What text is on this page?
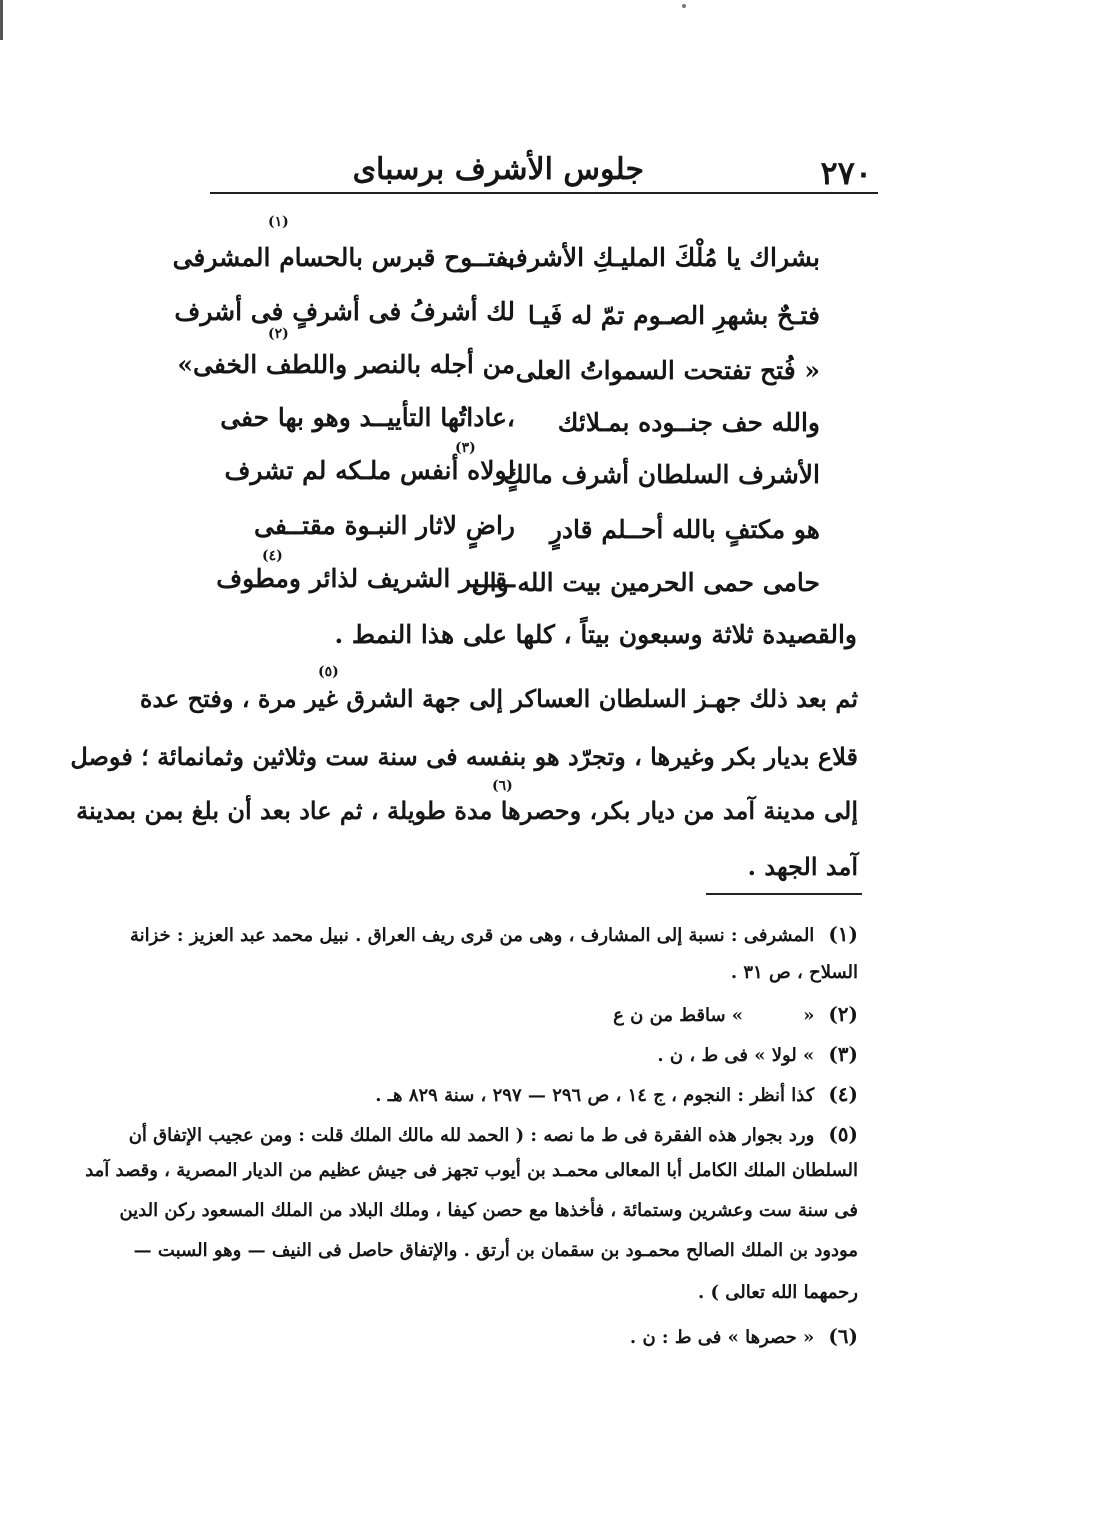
٢٧٠
جلوس الأشرف برسباى
بشراك يا مُلْكَ المليـكِ الأشرف
بفتــوح قبرس بالحسام المشرفى
فتـحٌ بشهرِ الصـوم تمّ له فَيـا
لك أشرفُ فى أشرفٍ فى أشرف
« فُتح تفتحت السمواتُ العلى
من أجله بالنصر واللطف الخفى»
والله حف جنــوده بمـلائك
،عاداتُها التأييــد وهو بها حفى
الأشرف السلطان أشرف مالكٍ
لولاه أنفس ملـكه لم تشرف
هو مكتفٍ بالله أحــلم قادرٍ
راضٍ لاثار النبـوة مقتــفى
حامى حمى الحرمين بيت الله وال
ـقــبر الشريف لذائر ومطوف
(١)
(٢)
(٣)
(٤)
(٥)
(٦)
والقصيدة ثلاثة وسبعون بيتاً ، كلها على هذا النمط .
ثم بعد ذلك جهـز السلطان العساكر إلى جهة الشرق غير مرة ، وفتح عدة
قلاع بديار بكر وغيرها ، وتجرّد هو بنفسه فى سنة ست وثلاثين وثمانمائة ؛ فوصل
إلى مدينة آمد من ديار بكر، وحصرها مدة طويلة ، ثم عاد بعد أن بلغ بمن بمدينة
آمد الجهد .
(١)المشرفى : نسبة إلى المشارف ، وهى من قرى ريف العراق . نبيل محمد عبد العزيز : خزانة
السلاح ، ص ٣١ .
(٢)«» ساقط من ن ع
(٣)» لولا » فى ط ، ن .
(٤)كذا أنظر : النجوم ، ج ١٤ ، ص ٢٩٦ — ٢٩٧ ، سنة ٨٢٩ هـ .
(٥)ورد بجوار هذه الفقرة فى ط ما نصه : ( الحمد لله مالك الملك قلت : ومن عجيب الإتفاق أن
السلطان الملك الكامل أبا المعالى محمـد بن أيوب تجهز فى جيش عظيم من الديار المصرية ، وقصد آمد
فى سنة ست وعشرين وستمائة ، فأخذها مع حصن كيفا ، وملك البلاد من الملك المسعود ركن الدين
مودود بن الملك الصالح محمـود بن سقمان بن أرتق . والإتفاق حاصل فى النيف — وهو السبت —
رحمهما الله تعالى ) .
(٦)« حصرها » فى ط : ن .
